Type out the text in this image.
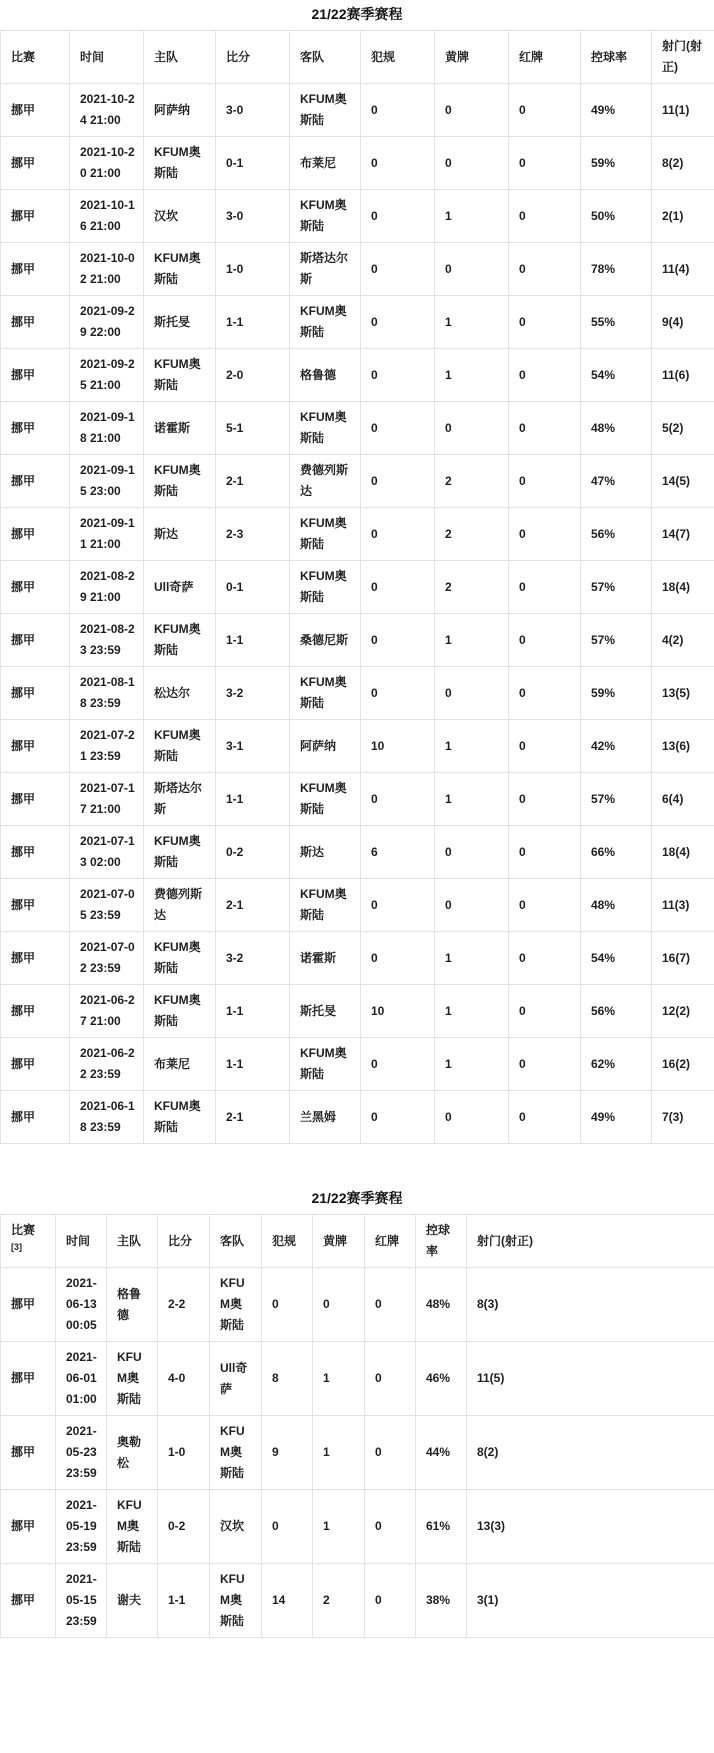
21/22赛季赛程
比赛	时间	主队	比分	客队	犯规	黄牌	红牌	控球率	射门(射正)
挪甲	2021-10-24 21:00	阿萨纳	3-0	KFUM奥斯陆	0	0	0	49%	11(1)
挪甲	2021-10-20 21:00	KFUM奥斯陆	0-1	布莱尼	0	0	0	59%	8(2)
挪甲	2021-10-16 21:00	汉坎	3-0	KFUM奥斯陆	0	1	0	50%	2(1)
挪甲	2021-10-02 21:00	KFUM奥斯陆	1-0	斯塔达尔斯	0	0	0	78%	11(4)
挪甲	2021-09-29 22:00	斯托旻	1-1	KFUM奥斯陆	0	1	0	55%	9(4)
挪甲	2021-09-25 21:00	KFUM奥斯陆	2-0	格鲁德	0	1	0	54%	11(6)
挪甲	2021-09-18 21:00	诺霍斯	5-1	KFUM奥斯陆	0	0	0	48%	5(2)
挪甲	2021-09-15 23:00	KFUM奥斯陆	2-1	费德列斯达	0	2	0	47%	14(5)
挪甲	2021-09-11 21:00	斯达	2-3	KFUM奥斯陆	0	2	0	56%	14(7)
挪甲	2021-08-29 21:00	Ull奇萨	0-1	KFUM奥斯陆	0	2	0	57%	18(4)
挪甲	2021-08-23 23:59	KFUM奥斯陆	1-1	桑德尼斯	0	1	0	57%	4(2)
挪甲	2021-08-18 23:59	松达尔	3-2	KFUM奥斯陆	0	0	0	59%	13(5)
挪甲	2021-07-21 23:59	KFUM奥斯陆	3-1	阿萨纳	10	1	0	42%	13(6)
挪甲	2021-07-17 21:00	斯塔达尔斯	1-1	KFUM奥斯陆	0	1	0	57%	6(4)
挪甲	2021-07-13 02:00	KFUM奥斯陆	0-2	斯达	6	0	0	66%	18(4)
挪甲	2021-07-05 23:59	费德列斯达	2-1	KFUM奥斯陆	0	0	0	48%	11(3)
挪甲	2021-07-02 23:59	KFUM奥斯陆	3-2	诺霍斯	0	1	0	54%	16(7)
挪甲	2021-06-27 21:00	KFUM奥斯陆	1-1	斯托旻	10	1	0	56%	12(2)
挪甲	2021-06-22 23:59	布莱尼	1-1	KFUM奥斯陆	0	1	0	62%	16(2)
挪甲	2021-06-18 23:59	KFUM奥斯陆	2-1	兰黑姆	0	0	0	49%	7(3)
21/22赛季赛程
比赛 [3]	时间	主队	比分	客队	犯规	黄牌	红牌	控球率	射门(射正)
挪甲	2021-06-13 00:05	格鲁德	2-2	KFUM奥斯陆	0	0	0	48%	8(3)
挪甲	2021-06-01 01:00	KFUM奥斯陆	4-0	Ull奇萨	8	1	0	46%	11(5)
挪甲	2021-05-23 23:59	奥勒松	1-0	KFUM奥斯陆	9	1	0	44%	8(2)
挪甲	2021-05-19 23:59	KFUM奥斯陆	0-2	汉坎	0	1	0	61%	13(3)
挪甲	2021-05-15 23:59	谢夫	1-1	KFUM奥斯陆	14	2	0	38%	3(1)
